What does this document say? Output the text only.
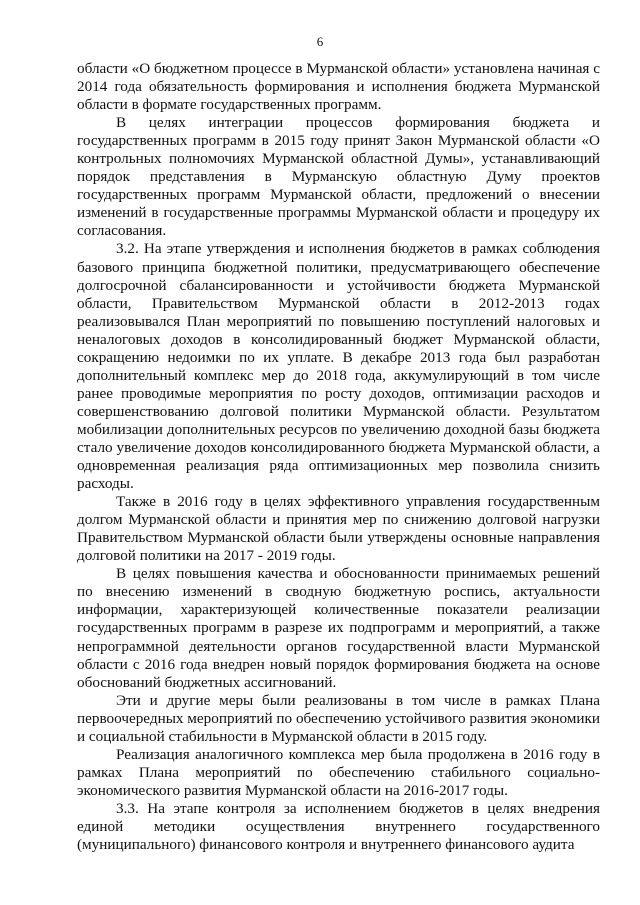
6

области «О бюджетном процессе в Мурманской области» установлена начиная с 2014 года обязательность формирования и исполнения бюджета Мурманской области в формате государственных программ.

В целях интеграции процессов формирования бюджета и государственных программ в 2015 году принят Закон Мурманской области «О контрольных полномочиях Мурманской областной Думы», устанавливающий порядок представления в Мурманскую областную Думу проектов государственных программ Мурманской области, предложений о внесении изменений в государственные программы Мурманской области и процедуру их согласования.

3.2. На этапе утверждения и исполнения бюджетов в рамках соблюдения базового принципа бюджетной политики, предусматривающего обеспечение долгосрочной сбалансированности и устойчивости бюджета Мурманской области, Правительством Мурманской области в 2012-2013 годах реализовывался План мероприятий по повышению поступлений налоговых и неналоговых доходов в консолидированный бюджет Мурманской области, сокращению недоимки по их уплате. В декабре 2013 года был разработан дополнительный комплекс мер до 2018 года, аккумулирующий в том числе ранее проводимые мероприятия по росту доходов, оптимизации расходов и совершенствованию долговой политики Мурманской области. Результатом мобилизации дополнительных ресурсов по увеличению доходной базы бюджета стало увеличение доходов консолидированного бюджета Мурманской области, а одновременная реализация ряда оптимизационных мер позволила снизить расходы.

Также в 2016 году в целях эффективного управления государственным долгом Мурманской области и принятия мер по снижению долговой нагрузки Правительством Мурманской области были утверждены основные направления долговой политики на 2017 - 2019 годы.

В целях повышения качества и обоснованности принимаемых решений по внесению изменений в сводную бюджетную роспись, актуальности информации, характеризующей количественные показатели реализации государственных программ в разрезе их подпрограмм и мероприятий, а также непрограммной деятельности органов государственной власти Мурманской области с 2016 года внедрен новый порядок формирования бюджета на основе обоснований бюджетных ассигнований.

Эти и другие меры были реализованы в том числе в рамках Плана первоочередных мероприятий по обеспечению устойчивого развития экономики и социальной стабильности в Мурманской области в 2015 году.

Реализация аналогичного комплекса мер была продолжена в 2016 году в рамках Плана мероприятий по обеспечению стабильного социально-экономического развития Мурманской области на 2016-2017 годы.

3.3. На этапе контроля за исполнением бюджетов в целях внедрения единой методики осуществления внутреннего государственного (муниципального) финансового контроля и внутреннего финансового аудита
